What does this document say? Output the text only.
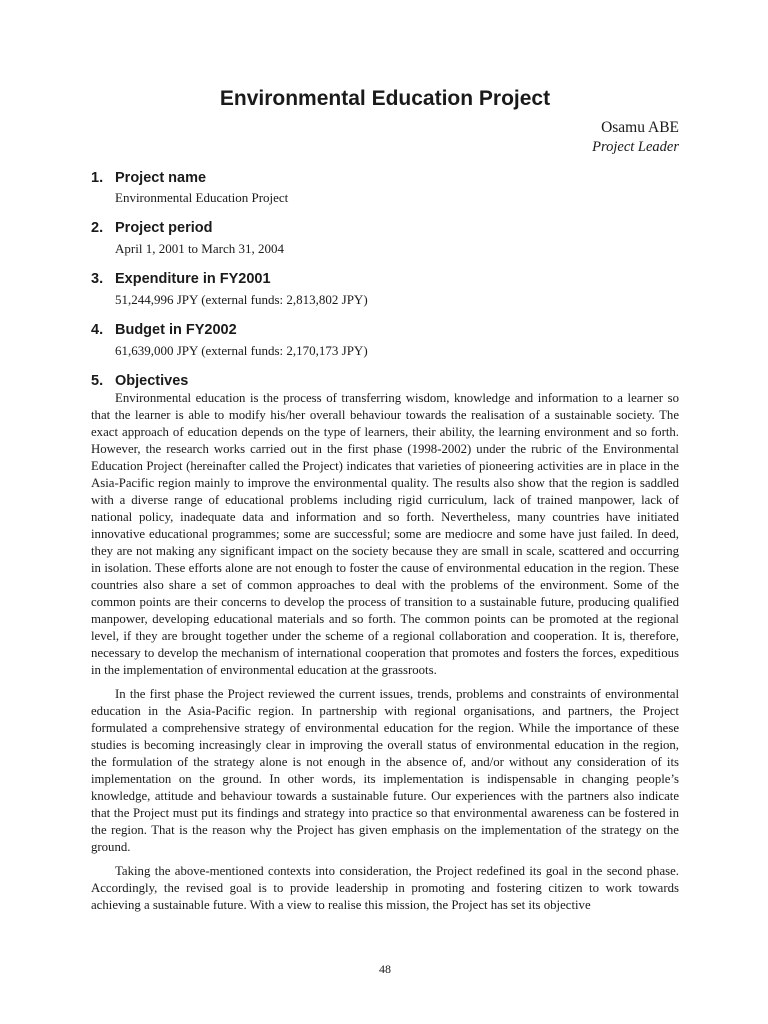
Environmental Education Project
Osamu ABE
Project Leader
1. Project name
Environmental Education Project
2. Project period
April 1, 2001 to March 31, 2004
3. Expenditure in FY2001
51,244,996 JPY (external funds: 2,813,802 JPY)
4. Budget in FY2002
61,639,000 JPY (external funds: 2,170,173 JPY)
5. Objectives

Environmental education is the process of transferring wisdom, knowledge and information to a learner so that the learner is able to modify his/her overall behaviour towards the realisation of a sustainable society. The exact approach of education depends on the type of learners, their ability, the learning environment and so forth. However, the research works carried out in the first phase (1998-2002) under the rubric of the Environmental Education Project (hereinafter called the Project) indicates that varieties of pioneering activities are in place in the Asia-Pacific region mainly to improve the environmental quality. The results also show that the region is saddled with a diverse range of educational problems including rigid curriculum, lack of trained manpower, lack of national policy, inadequate data and information and so forth. Nevertheless, many countries have initiated innovative educational programmes; some are successful; some are mediocre and some have just failed. In deed, they are not making any significant impact on the society because they are small in scale, scattered and occurring in isolation. These efforts alone are not enough to foster the cause of environmental education in the region. These countries also share a set of common approaches to deal with the problems of the environment. Some of the common points are their concerns to develop the process of transition to a sustainable future, producing qualified manpower, developing educational materials and so forth. The common points can be promoted at the regional level, if they are brought together under the scheme of a regional collaboration and cooperation. It is, therefore, necessary to develop the mechanism of international cooperation that promotes and fosters the forces, expeditious in the implementation of environmental education at the grassroots.

In the first phase the Project reviewed the current issues, trends, problems and constraints of environmental education in the Asia-Pacific region. In partnership with regional organisations, and partners, the Project formulated a comprehensive strategy of environmental education for the region. While the importance of these studies is becoming increasingly clear in improving the overall status of environmental education in the region, the formulation of the strategy alone is not enough in the absence of, and/or without any consideration of its implementation on the ground. In other words, its implementation is indispensable in changing people’s knowledge, attitude and behaviour towards a sustainable future. Our experiences with the partners also indicate that the Project must put its findings and strategy into practice so that environmental awareness can be fostered in the region. That is the reason why the Project has given emphasis on the implementation of the strategy on the ground.

Taking the above-mentioned contexts into consideration, the Project redefined its goal in the second phase. Accordingly, the revised goal is to provide leadership in promoting and fostering citizen to work towards achieving a sustainable future. With a view to realise this mission, the Project has set its objective

48
